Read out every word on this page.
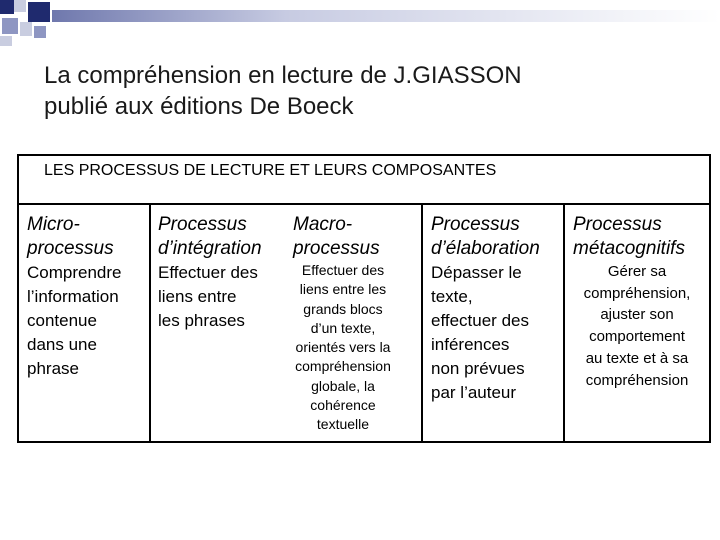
La compréhension en lecture de J.GIASSON
publié aux éditions De Boeck
LES PROCESSUS DE LECTURE ET LEURS COMPOSANTES
Micro-
processus
Comprendre
l’information
contenue
dans une
phrase
Processus
d’intégration
Effectuer des
liens entre
les phrases
Macro-
processus
Effectuer des
liens entre les
grands blocs
d’un texte,
orientés vers la
compréhension
globale, la
cohérence
textuelle
Processus
d’élaboration
Dépasser le
texte,
effectuer des
inférences
non prévues
par l’auteur
Processus
métacognitifs
Gérer sa
compréhension,
ajuster son
comportement
au texte et à sa
compréhension
